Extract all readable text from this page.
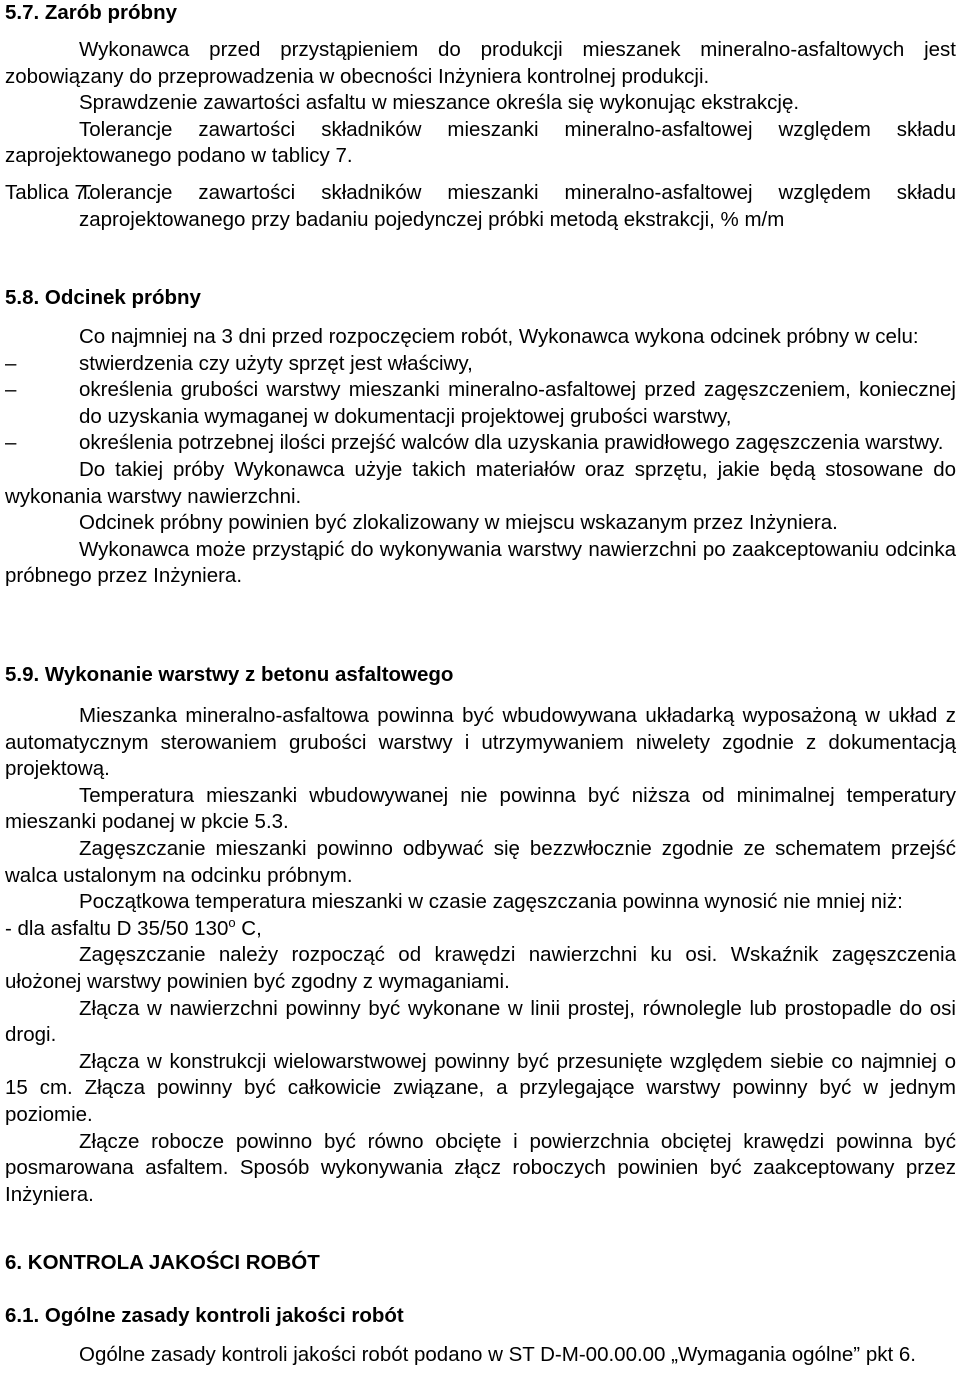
5.7. Zarób próbny

Wykonawca przed przystąpieniem do produkcji mieszanek mineralno-asfaltowych jest zobowiązany do przeprowadzenia w obecności Inżyniera kontrolnej produkcji.

Sprawdzenie zawartości asfaltu w mieszance określa się wykonując ekstrakcję.

Tolerancje zawartości składników mieszanki mineralno-asfaltowej względem składu zaprojektowanego podano w tablicy 7.

Tablica 7.
Tolerancje zawartości składników mieszanki mineralno-asfaltowej względem składu zaprojektowanego przy badaniu pojedynczej próbki metodą ekstrakcji, % m/m
5.8. Odcinek próbny

Co najmniej na 3 dni przed rozpoczęciem robót, Wykonawca wykona odcinek próbny w celu:

–	stwierdzenia czy użyty sprzęt jest właściwy,

–	określenia grubości warstwy mieszanki mineralno-asfaltowej przed zagęszczeniem, koniecznej do uzyskania wymaganej w dokumentacji projektowej grubości warstwy,

–	określenia potrzebnej ilości przejść walców dla uzyskania prawidłowego zagęszczenia warstwy.

Do takiej próby Wykonawca użyje takich materiałów oraz sprzętu, jakie będą stosowane do wykonania warstwy nawierzchni.

Odcinek próbny powinien być zlokalizowany w miejscu wskazanym przez Inżyniera.

Wykonawca może przystąpić do wykonywania warstwy nawierzchni po zaakceptowaniu odcinka próbnego przez Inżyniera.

5.9. Wykonanie warstwy z betonu asfaltowego

Mieszanka mineralno-asfaltowa powinna być wbudowywana układarką wyposażoną w układ z automatycznym sterowaniem grubości warstwy i utrzymywaniem niwelety zgodnie z dokumentacją projektową.

Temperatura mieszanki wbudowywanej nie powinna być niższa od minimalnej temperatury mieszanki podanej w pkcie 5.3.

Zagęszczanie mieszanki powinno odbywać się bezzwłocznie zgodnie ze schematem przejść walca ustalonym na odcinku próbnym.

Początkowa temperatura mieszanki w czasie zagęszczania powinna wynosić nie mniej niż:

- dla asfaltu D 35/50 130$^o$ C,

Zagęszczanie należy rozpocząć od krawędzi nawierzchni ku osi. Wskaźnik zagęszczenia ułożonej warstwy powinien być zgodny z wymaganiami.

Złącza w nawierzchni powinny być wykonane w linii prostej, równolegle lub prostopadle do osi drogi.

Złącza w konstrukcji wielowarstwowej powinny być przesunięte względem siebie co najmniej o 15 cm. Złącza powinny być całkowicie związane, a przylegające warstwy powinny być w jednym poziomie.

Złącze robocze powinno być równo obcięte i powierzchnia obciętej krawędzi powinna być posmarowana asfaltem. Sposób wykonywania złącz roboczych powinien być zaakceptowany przez Inżyniera.

6. KONTROLA JAKOŚCI ROBÓT
6.1. Ogólne zasady kontroli jakości robót

Ogólne zasady kontroli jakości robót podano w ST D-M-00.00.00 „Wymagania ogólne” pkt 6.
